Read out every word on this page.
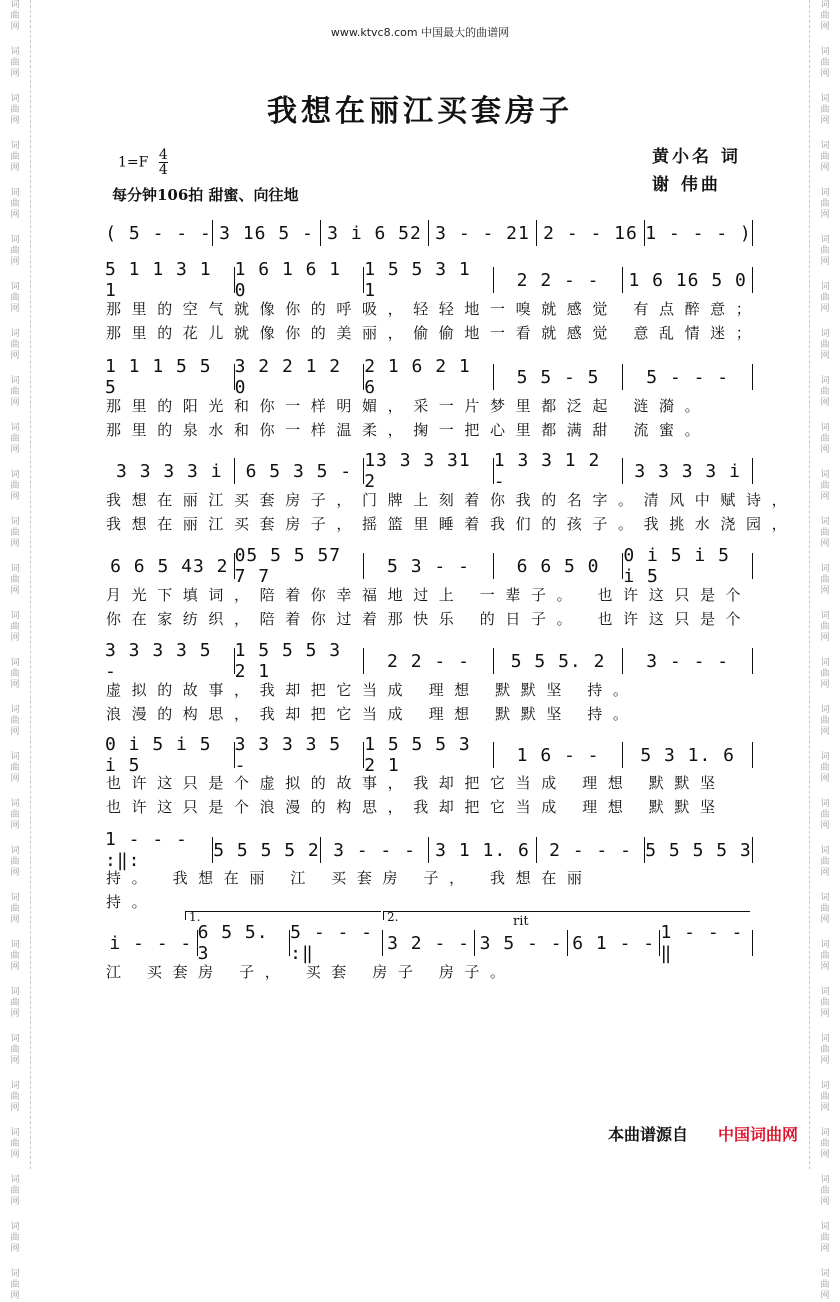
词
曲
网
词
曲
网
词
曲
网
词
曲
网
词
曲
网
词
曲
网
词
曲
网
词
曲
网
词
曲
网
词
曲
网
词
曲
网
词
曲
网
词
曲
网
词
曲
网
词
曲
网
词
曲
网
词
曲
网
词
曲
网
词
曲
网
词
曲
网
词
曲
网
词
曲
网
词
曲
网
词
曲
网
词
曲
网
词
曲
网
词
曲
网
词
曲
网
词
曲
网
词
曲
网
词
曲
网
词
曲
网
词
曲
网
词
曲
网
词
曲
网
词
曲
网
词
曲
网
词
曲
网
词
曲
网
词
曲
网
词
曲
网
词
曲
网
词
曲
网
词
曲
网
词
曲
网
词
曲
网
词
曲
网
词
曲
网
词
曲
网
词
曲
网
词
曲
网
词
曲
网
词
曲
网
词
曲
网
词
曲
网
词
曲
网
www.ktvc8.com 中国最大的曲谱网
我想在丽江买套房子
$1=F \frac{4}{4}$	黄小名 词
谢 伟曲
每分钟106拍 甜蜜、向往地
( 5 - - - 3 16 5 - 3 i 6 52 3 - - 21 2 - - 16 1 - - - )
5 1 1 3 1 1
1 6 1 6 1 0
1 5 5 3 1 1	2 2 - -	1 6 16 5 0
那里的空气就像你的呼吸，轻轻地一嗅就感觉 有点醉意；
那里的花儿就像你的美丽，偷偷地一看就感觉 意乱情迷；
1 1 1 5 5 5
3 2 2 1 2 0
2 1 6 2 1 6	5 5 - 5	5 - - -
那里的阳光和你一样明媚，采一片梦里都泛起 涟漪。
那里的泉水和你一样温柔，掬一把心里都满甜 流蜜。
3 3 3 3 i	6 5 3 5 - 13 3 3 31 2
1 3 3 1 2 -	3 3 3 3 i
我想在丽江买套房子，门牌上刻着你我的名字。清风中赋诗，
我想在丽江买套房子，摇篮里睡着我们的孩子。我挑水浇园，
6 6 5 43 2 05 5 5 57 7 7	5 3 - -	6 6 5 0	0 i 5 i 5 i 5
月光下填词，陪着你幸福地过上 一辈子。 也许这只是个
你在家纺织，陪着你过着那快乐 的日子。 也许这只是个
3 3 3 3 5 -
1 5 5 5 3 2 1	2 2 - -	5 5 5. 2	3 - - -
虚拟的故事，我却把它当成 理想 默默坚 持。
浪漫的构思，我却把它当成 理想 默默坚 持。
0 i 5 i 5 i 5
3 3 3 3 5 -
1 5 5 5 3 2 1	1 6 - -	5 3 1. 6
也许这只是个虚拟的故事，我却把它当成 理想 默默坚
也许这只是个浪漫的构思，我却把它当成 理想 默默坚
1 - - - :‖:	5 5 5 5 2 3 - - -	3 1 1. 6	2 - - - 5 5 5 5 3
持。 我想在丽 江 买套房 子， 我想在丽
持。
1.	2.	rit
i - - - 6 5 5. 3
5 - - - :‖	3 2 - - 3 5 - - 6 1 - - 1 - - - ‖
江 买套房 子， 买套 房子 房子。
本曲谱源自 中国词曲网
